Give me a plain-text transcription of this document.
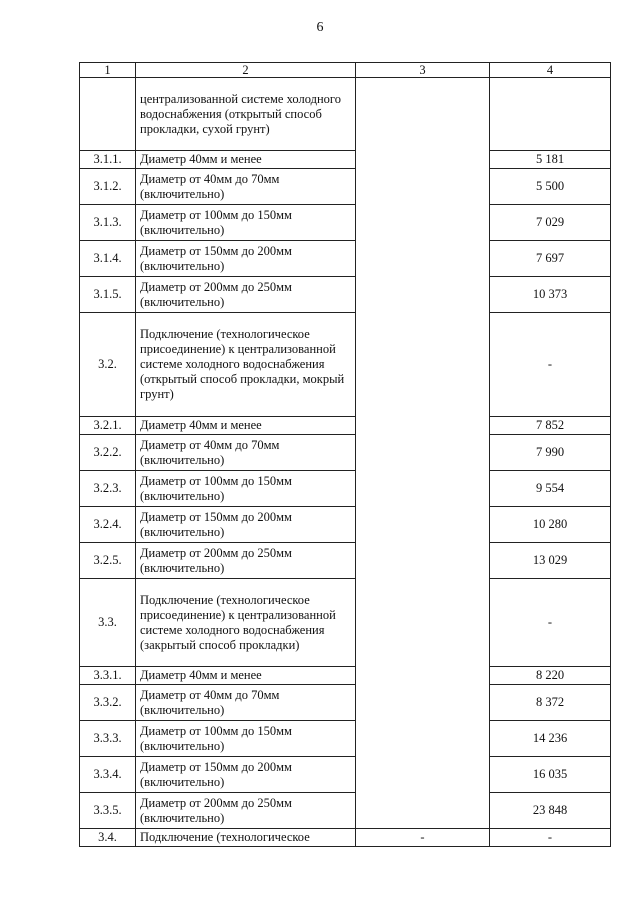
6
1	2	3	4
	централизованной системе холодного водоснабжения (открытый способ прокладки, сухой грунт)		
3.1.1.	Диаметр 40мм и менее		5 181
3.1.2.	Диаметр от 40мм до 70мм (включительно)		5 500
3.1.3.	Диаметр от 100мм до 150мм (включительно)		7 029
3.1.4.	Диаметр от 150мм до 200мм (включительно)		7 697
3.1.5.	Диаметр от 200мм до 250мм (включительно)		10 373
3.2.	Подключение (технологическое присоединение) к централизованной системе холодного водоснабжения (открытый способ прокладки, мокрый грунт)		-
3.2.1.	Диаметр 40мм и менее		7 852
3.2.2.	Диаметр от 40мм до 70мм (включительно)		7 990
3.2.3.	Диаметр от 100мм до 150мм (включительно)		9 554
3.2.4.	Диаметр от 150мм до 200мм (включительно)		10 280
3.2.5.	Диаметр от 200мм до 250мм (включительно)		13 029
3.3.	Подключение (технологическое присоединение) к централизованной системе холодного водоснабжения (закрытый способ прокладки)		-
3.3.1.	Диаметр 40мм и менее		8 220
3.3.2.	Диаметр от 40мм до 70мм (включительно)		8 372
3.3.3.	Диаметр от 100мм до 150мм (включительно)		14 236
3.3.4.	Диаметр от 150мм до 200мм (включительно)		16 035
3.3.5.	Диаметр от 200мм до 250мм (включительно)		23 848
3.4.	Подключение (технологическое	-	-
